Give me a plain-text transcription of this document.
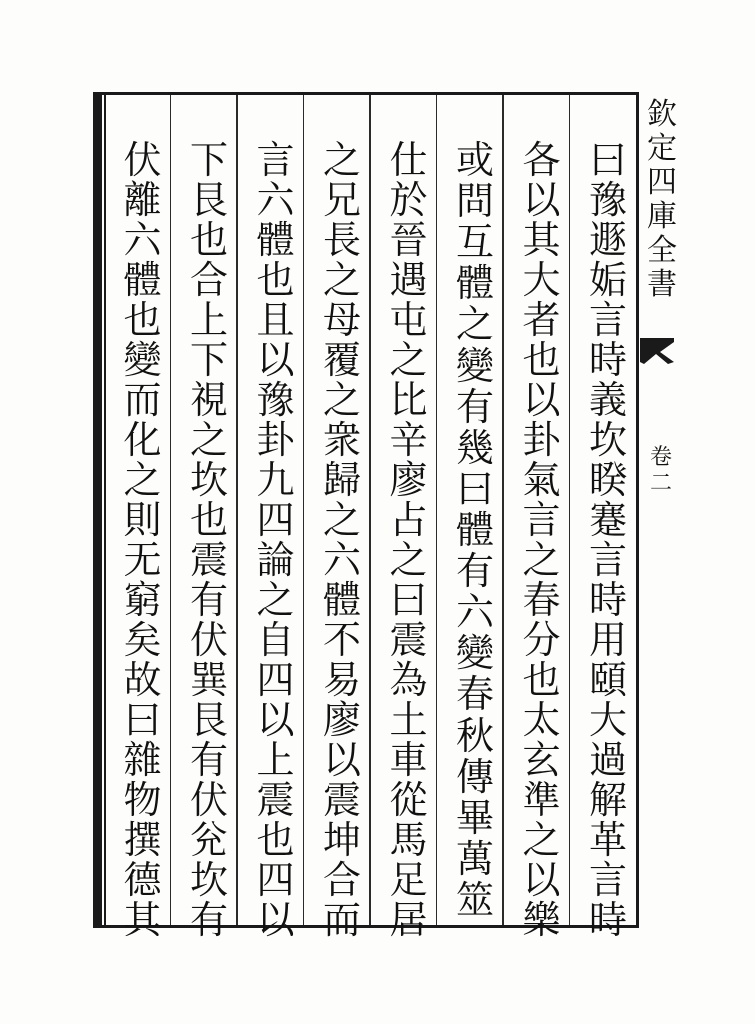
欽
定
四
庫
全
書
卷
二
曰
豫
遯
姤
言
時
義
坎
睽
蹇
言
時
用
頤
大
過
解
革
言
時
各
以
其
大
者
也
以
卦
氣
言
之
春
分
也
太
玄
準
之
以
樂
或
問
互
體
之
變
有
幾
曰
體
有
六
變
春
秋
傳
畢
萬
筮
仕
於
晉
遇
屯
之
比
辛
廖
占
之
曰
震
為
土
車
從
馬
足
居
之
兄
長
之
母
覆
之
衆
歸
之
六
體
不
易
廖
以
震
坤
合
而
言
六
體
也
且
以
豫
卦
九
四
論
之
自
四
以
上
震
也
四
以
下
艮
也
合
上
下
視
之
坎
也
震
有
伏
巽
艮
有
伏
兊
坎
有
伏
離
六
體
也
變
而
化
之
則
无
窮
矣
故
曰
雜
物
撰
德
其
